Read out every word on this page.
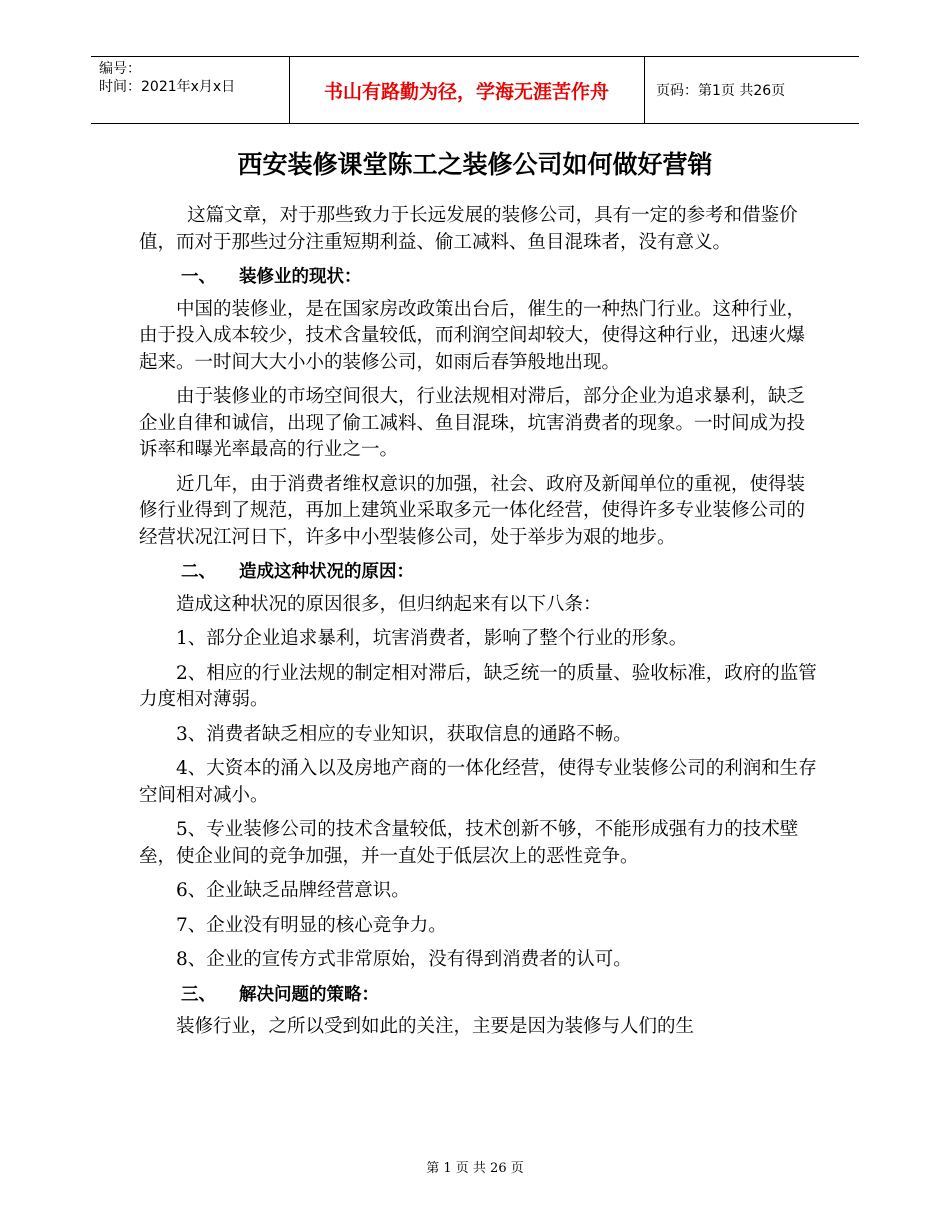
编号：
时间：2021年x月x日	书山有路勤为径，学海无涯苦作舟	页码：第1页 共26页
西安装修课堂陈工之装修公司如何做好营销

这篇文章，对于那些致力于长远发展的装修公司，具有一定的参考和借鉴价值，而对于那些过分注重短期利益、偷工减料、鱼目混珠者，没有意义。

一、 装修业的现状：

中国的装修业，是在国家房改政策出台后，催生的一种热门行业。这种行业，由于投入成本较少，技术含量较低，而利润空间却较大，使得这种行业，迅速火爆起来。一时间大大小小的装修公司，如雨后春笋般地出现。

由于装修业的市场空间很大，行业法规相对滞后，部分企业为追求暴利，缺乏企业自律和诚信，出现了偷工减料、鱼目混珠，坑害消费者的现象。一时间成为投诉率和曝光率最高的行业之一。

近几年，由于消费者维权意识的加强，社会、政府及新闻单位的重视，使得装修行业得到了规范，再加上建筑业采取多元一体化经营，使得许多专业装修公司的经营状况江河日下，许多中小型装修公司，处于举步为艰的地步。

二、 造成这种状况的原因：

造成这种状况的原因很多，但归纳起来有以下八条：

1、部分企业追求暴利，坑害消费者，影响了整个行业的形象。

2、相应的行业法规的制定相对滞后，缺乏统一的质量、验收标准，政府的监管力度相对薄弱。

3、消费者缺乏相应的专业知识，获取信息的通路不畅。

4、大资本的涌入以及房地产商的一体化经营，使得专业装修公司的利润和生存空间相对减小。

5、专业装修公司的技术含量较低，技术创新不够，不能形成强有力的技术壁垒，使企业间的竞争加强，并一直处于低层次上的恶性竞争。

6、企业缺乏品牌经营意识。

7、企业没有明显的核心竞争力。

8、企业的宣传方式非常原始，没有得到消费者的认可。

三、 解决问题的策略：

装修行业，之所以受到如此的关注，主要是因为装修与人们的生

第 1 页 共 26 页
